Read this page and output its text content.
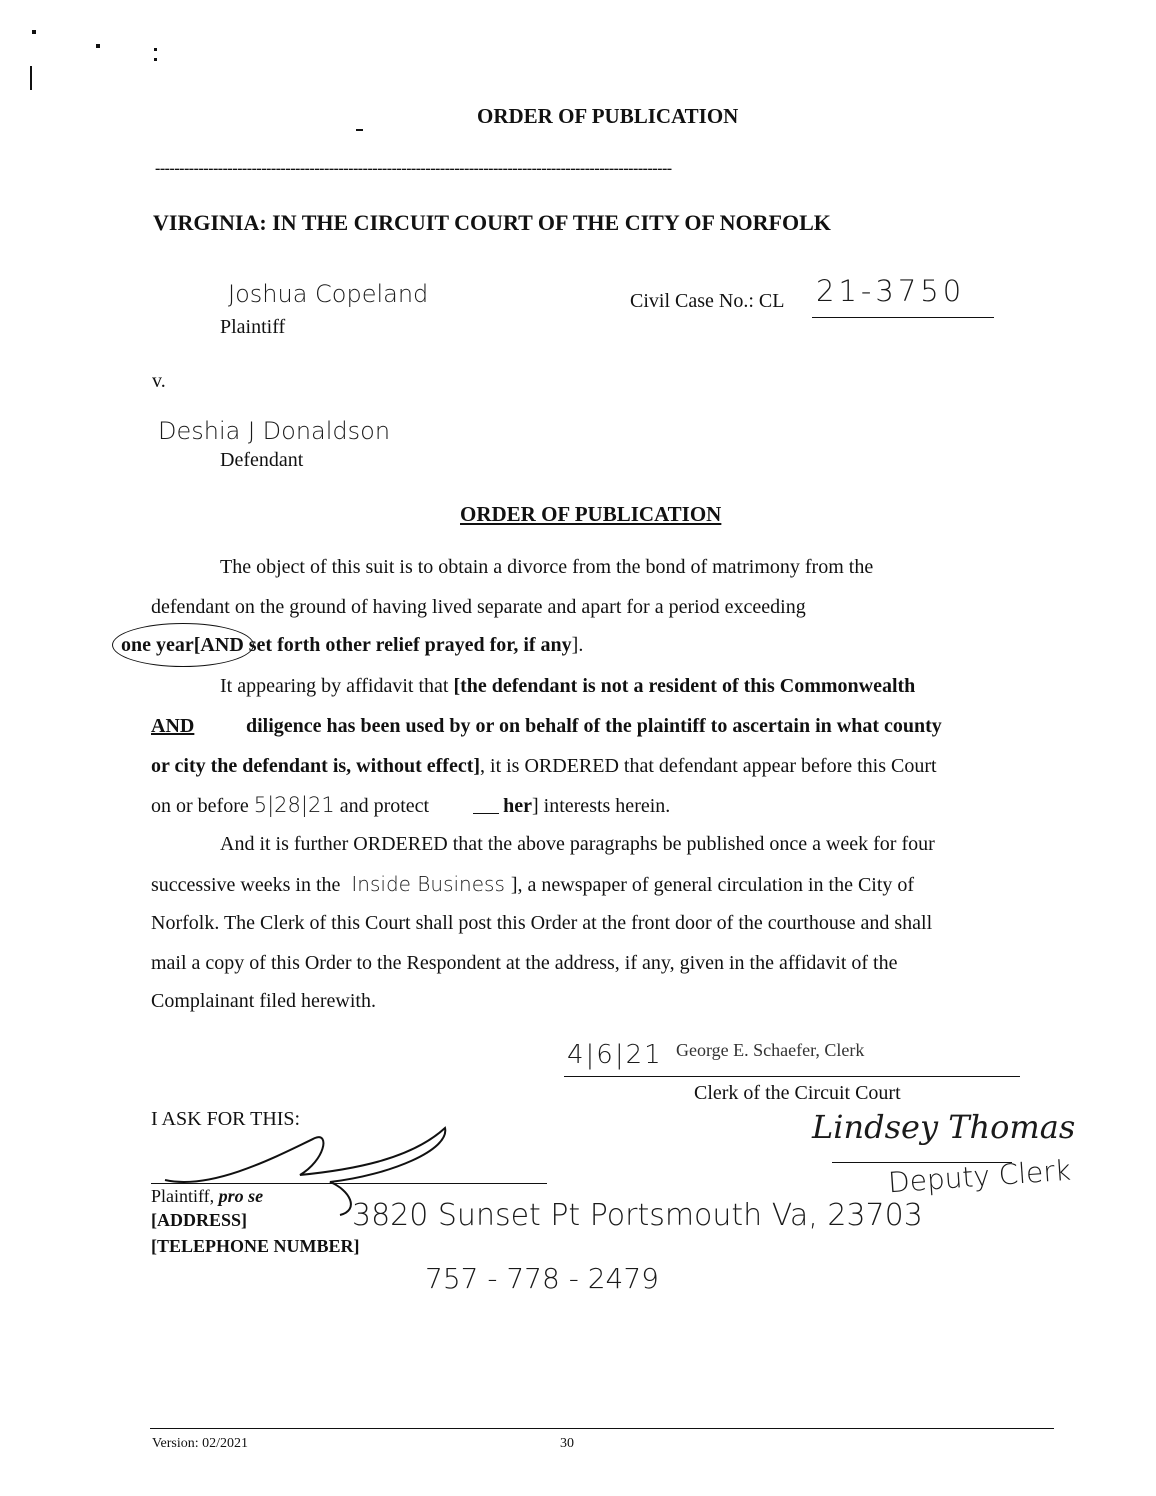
ORDER OF PUBLICATION
-----------------------------------------------------------------------------------------------------------
VIRGINIA: IN THE CIRCUIT COURT OF THE CITY OF NORFOLK
Joshua Copeland
Plaintiff
Civil Case No.: CL 21-3750
v.
Deshia J Donaldson
Defendant
ORDER OF PUBLICATION
The object of this suit is to obtain a divorce from the bond of matrimony from the
defendant on the ground of having lived separate and apart for a period exceeding
one year[AND set forth other relief prayed for, if any].
It appearing by affidavit that [the defendant is not a resident of this Commonwealth
AND	diligence has been used by or on behalf of the plaintiff to ascertain in what county
or city the defendant is, without effect], it is ORDERED that defendant appear before this Court
on or before 5|28|21 and protect	her] interests herein.
And it is further ORDERED that the above paragraphs be published once a week for four
successive weeks in the Inside Business ], a newspaper of general circulation in the City of
Norfolk. The Clerk of this Court shall post this Order at the front door of the courthouse and shall
mail a copy of this Order to the Respondent at the address, if any, given in the affidavit of the
Complainant filed herewith.
4|6|21 George E. Schaefer, Clerk
Clerk of the Circuit Court
Lindsey Thomas
Deputy Clerk
I ASK FOR THIS:
Plaintiff, pro se
[ADDRESS]	3820 Sunset Pt Portsmouth Va, 23703
[TELEPHONE NUMBER]
757 - 778 - 2479
Version: 02/2021	30
